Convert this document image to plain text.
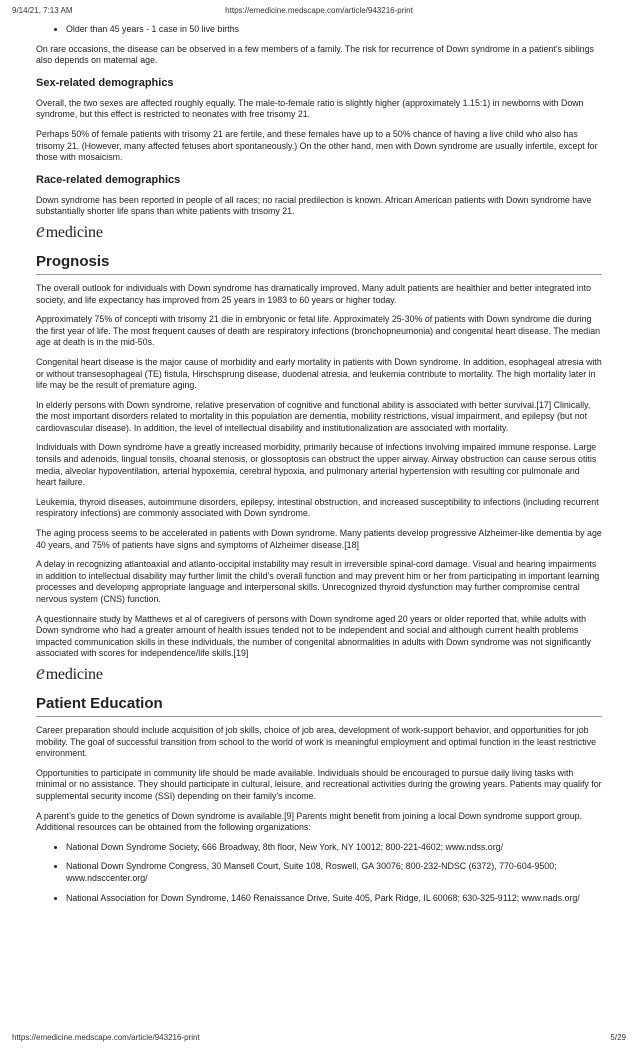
9/14/21, 7:13 AM	https://emedicine.medscape.com/article/943216-print
• Older than 45 years - 1 case in 50 live births

On rare occasions, the disease can be observed in a few members of a family. The risk for recurrence of Down syndrome in a patient’s siblings also depends on maternal age.

Sex-related demographics

Overall, the two sexes are affected roughly equally. The male-to-female ratio is slightly higher (approximately 1.15:1) in newborns with Down syndrome, but this effect is restricted to neonates with free trisomy 21.

Perhaps 50% of female patients with trisomy 21 are fertile, and these females have up to a 50% chance of having a live child who also has trisomy 21. (However, many affected fetuses abort spontaneously.) On the other hand, men with Down syndrome are usually infertile, except for those with mosaicism.

Race-related demographics

Down syndrome has been reported in people of all races; no racial predilection is known. African American patients with Down syndrome have substantially shorter life spans than white patients with trisomy 21.

emedicine
Prognosis

The overall outlook for individuals with Down syndrome has dramatically improved. Many adult patients are healthier and better integrated into society, and life expectancy has improved from 25 years in 1983 to 60 years or higher today.

Approximately 75% of concepti with trisomy 21 die in embryonic or fetal life. Approximately 25-30% of patients with Down syndrome die during the first year of life. The most frequent causes of death are respiratory infections (bronchopneumonia) and congenital heart disease. The median age at death is in the mid-50s.

Congenital heart disease is the major cause of morbidity and early mortality in patients with Down syndrome. In addition, esophageal atresia with or without transesophageal (TE) fistula, Hirschsprung disease, duodenal atresia, and leukemia contribute to mortality. The high mortality later in life may be the result of premature aging.

In elderly persons with Down syndrome, relative preservation of cognitive and functional ability is associated with better survival.[17] Clinically, the most important disorders related to mortality in this population are dementia, mobility restrictions, visual impairment, and epilepsy (but not cardiovascular disease). In addition, the level of intellectual disability and institutionalization are associated with mortality.

Individuals with Down syndrome have a greatly increased morbidity, primarily because of infections involving impaired immune response. Large tonsils and adenoids, lingual tonsils, choanal stenosis, or glossoptosis can obstruct the upper airway. Airway obstruction can cause serous otitis media, alveolar hypoventilation, arterial hypoxemia, cerebral hypoxia, and pulmonary arterial hypertension with resulting cor pulmonale and heart failure.

Leukemia, thyroid diseases, autoimmune disorders, epilepsy, intestinal obstruction, and increased susceptibility to infections (including recurrent respiratory infections) are commonly associated with Down syndrome.

The aging process seems to be accelerated in patients with Down syndrome. Many patients develop progressive Alzheimer-like dementia by age 40 years, and 75% of patients have signs and symptoms of Alzheimer disease.[18]

A delay in recognizing atlantoaxial and atlanto-occipital instability may result in irreversible spinal-cord damage. Visual and hearing impairments in addition to intellectual disability may further limit the child’s overall function and may prevent him or her from participating in important learning processes and developing appropriate language and interpersonal skills. Unrecognized thyroid dysfunction may further compromise central nervous system (CNS) function.

A questionnaire study by Matthews et al of caregivers of persons with Down syndrome aged 20 years or older reported that, while adults with Down syndrome who had a greater amount of health issues tended not to be independent and social and although current health problems impacted communication skills in these individuals, the number of congenital abnormalities in adults with Down syndrome was not significantly associated with scores for independence/life skills.[19]

emedicine
Patient Education

Career preparation should include acquisition of job skills, choice of job area, development of work-support behavior, and opportunities for job mobility. The goal of successful transition from school to the world of work is meaningful employment and optimal function in the least restrictive environment.

Opportunities to participate in community life should be made available. Individuals should be encouraged to pursue daily living tasks with minimal or no assistance. They should participate in cultural, leisure, and recreational activities during the growing years. Patients may qualify for supplemental security income (SSI) depending on their family’s income.

A parent’s guide to the genetics of Down syndrome is available.[9] Parents might benefit from joining a local Down syndrome support group. Additional resources can be obtained from the following organizations:

• National Down Syndrome Society, 666 Broadway, 8th floor, New York, NY 10012; 800-221-4602; www.ndss.org/
• National Down Syndrome Congress, 30 Mansell Court, Suite 108, Roswell, GA 30076; 800-232-NDSC (6372), 770-604-9500; www.ndsccenter.org/
• National Association for Down Syndrome, 1460 Renaissance Drive, Suite 405, Park Ridge, IL 60068; 630-325-9112; www.nads.org/
https://emedicine.medscape.com/article/943216-print	5/29
